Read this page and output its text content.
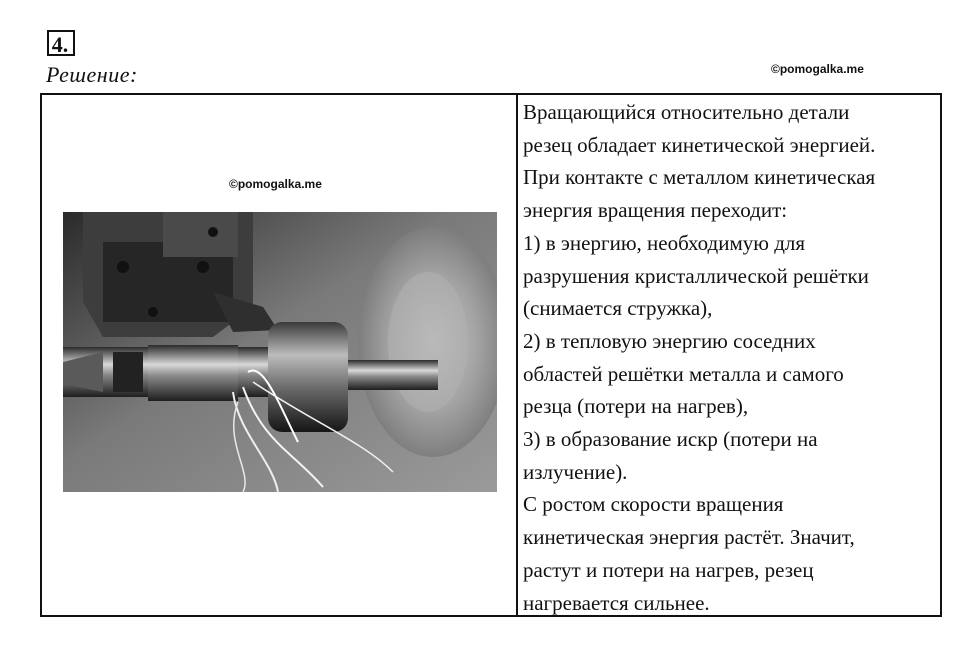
4.
Решение:	©pomogalka.me
©pomogalka.me
Вращающийся относительно детали
резец обладает кинетической энергией.
При контакте с металлом кинетическая
энергия вращения переходит:
1) в энергию, необходимую для
разрушения кристаллической решётки
(снимается стружка),
2) в тепловую энергию соседних
областей решётки металла и самого
резца (потери на нагрев),
3) в образование искр (потери на
излучение).
С ростом скорости вращения
кинетическая энергия растёт. Значит,
растут и потери на нагрев, резец
нагревается сильнее.
